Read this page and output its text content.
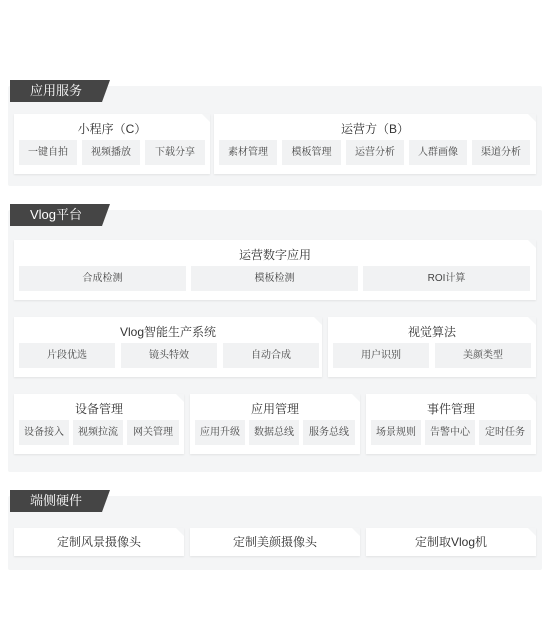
应用服务
小程序（C）
一键自拍	视频播放	下载分享
运营方（B）
素材管理	模板管理	运营分析	人群画像	渠道分析
Vlog平台
运营数字应用
合成检测	模板检测	ROI计算
Vlog智能生产系统
片段优选	镜头特效	自动合成
视觉算法
用户识别	美颜类型
设备管理
设备接入	视频拉流	网关管理
应用管理
应用升级	数据总线	服务总线
事件管理
场景规则	告警中心	定时任务
端侧硬件
定制风景摄像头	定制美颜摄像头	定制取Vlog机
